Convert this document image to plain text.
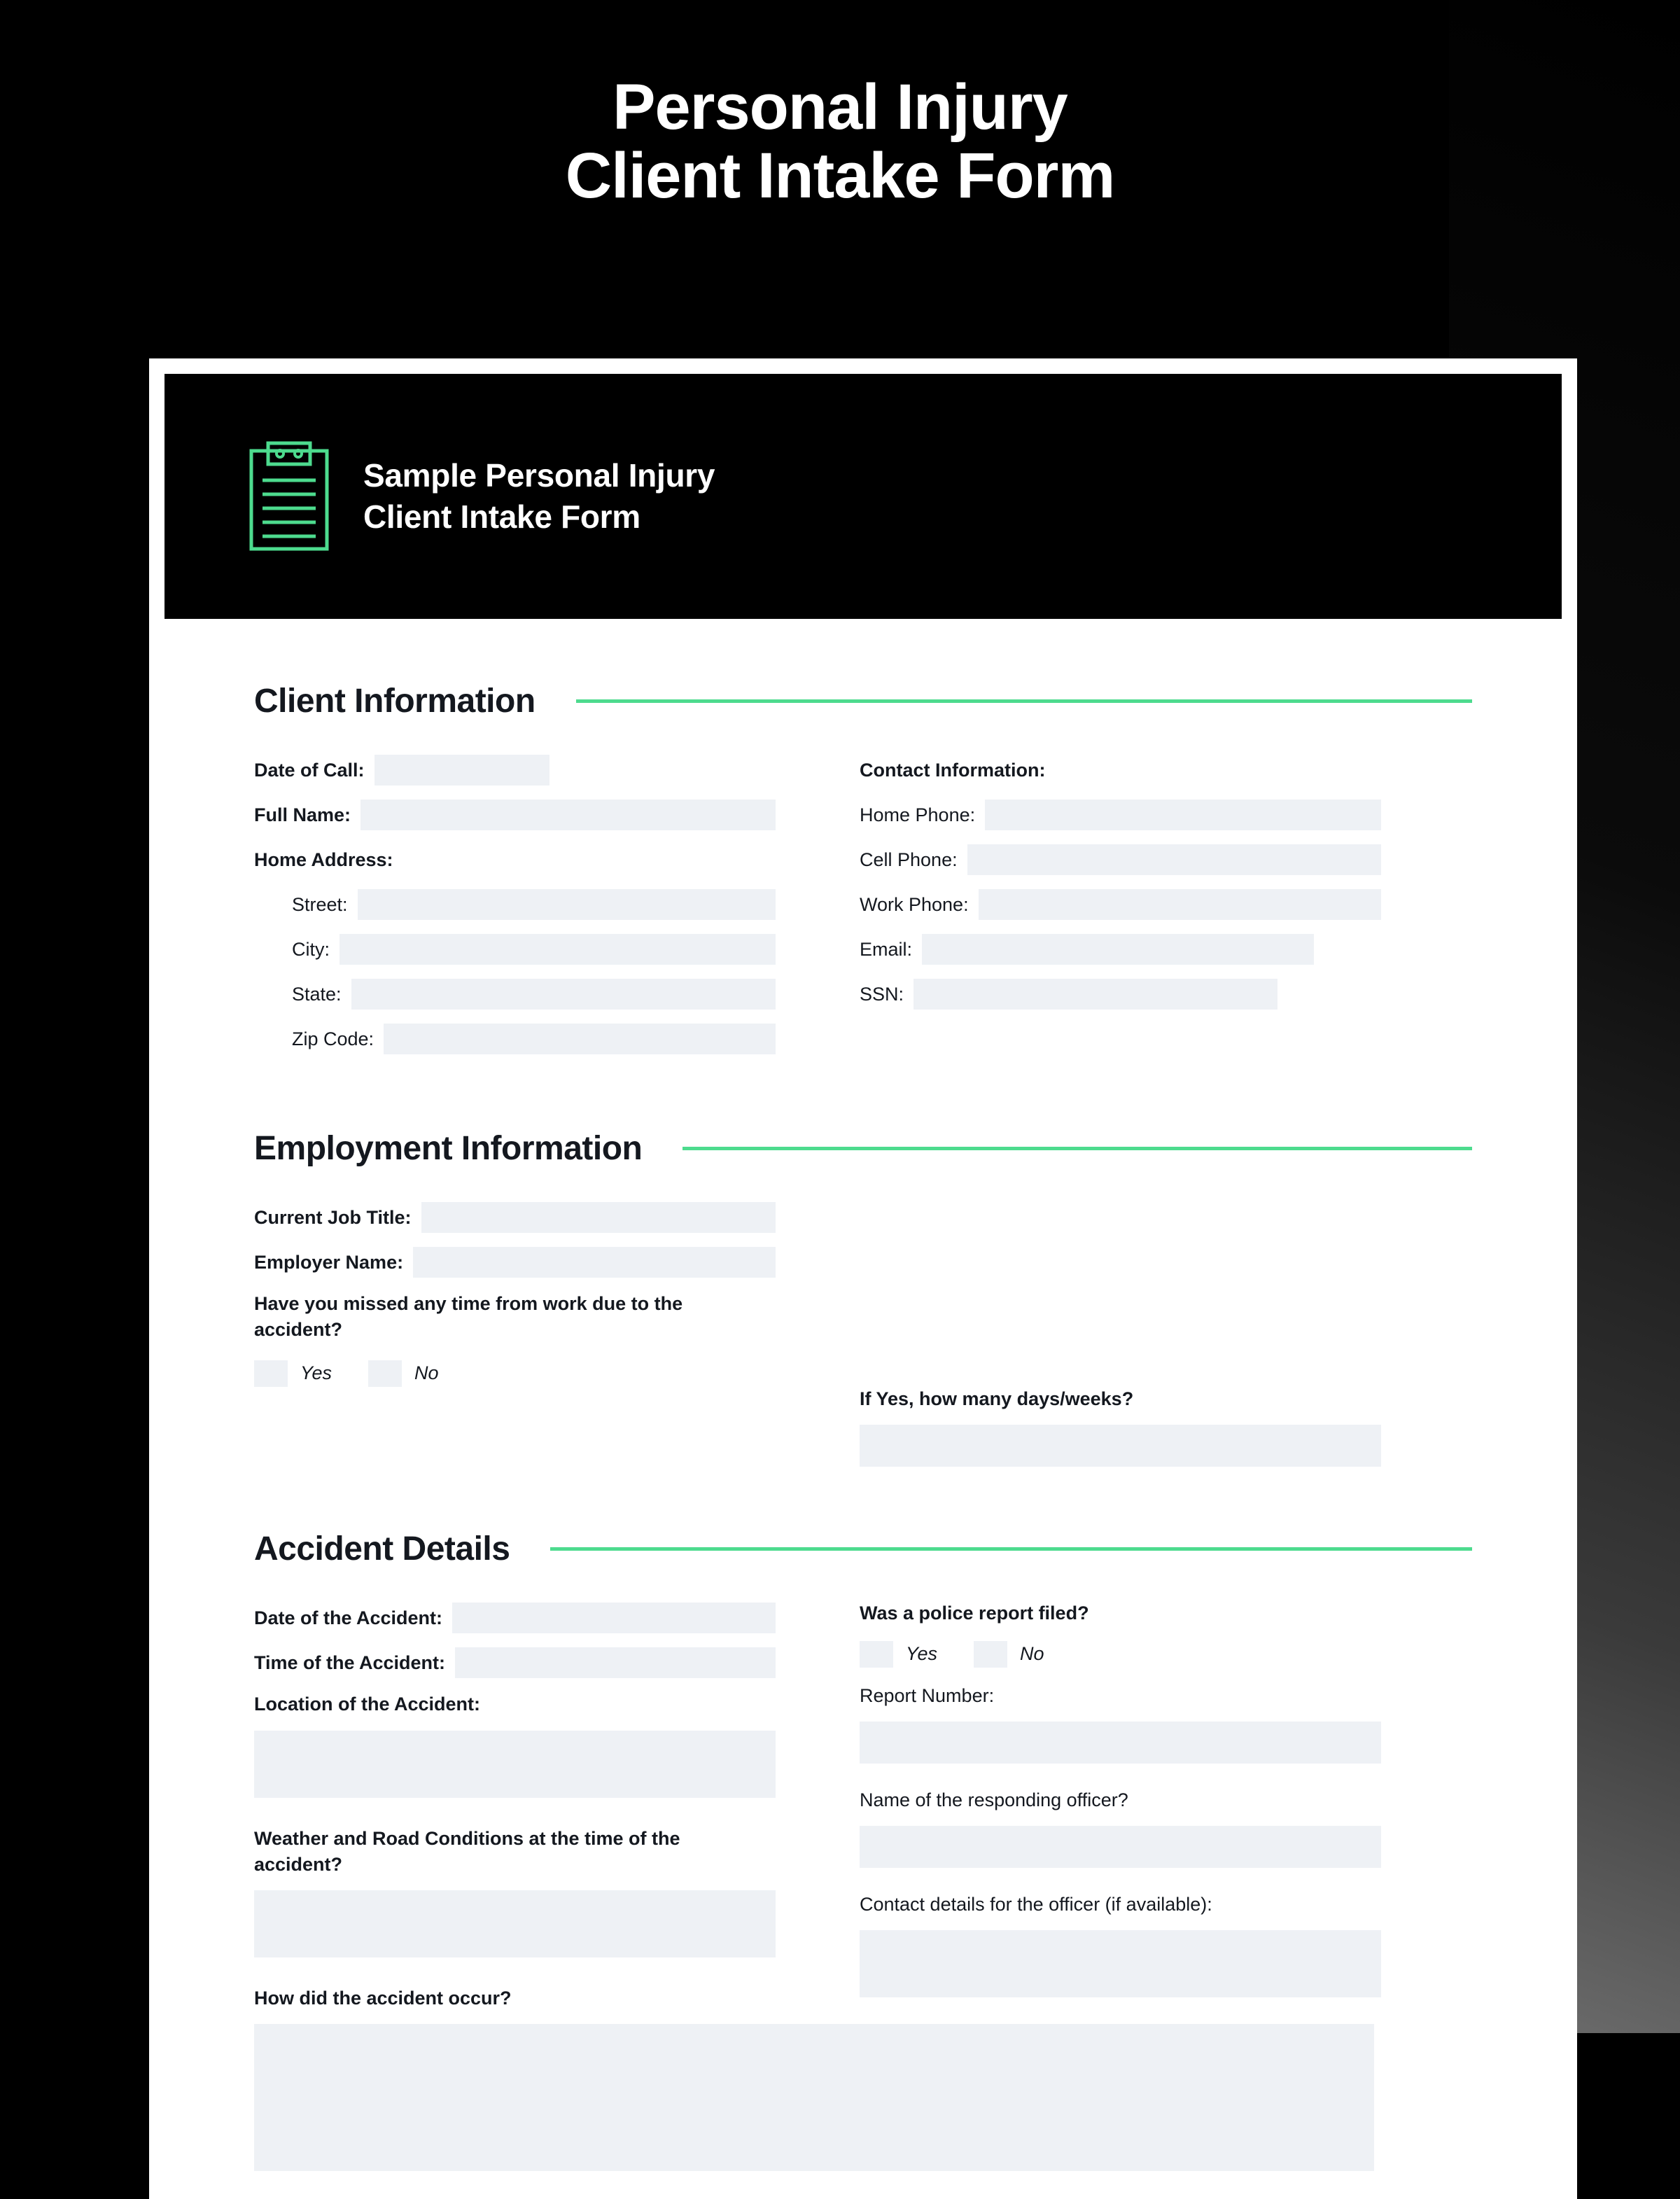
Personal Injury
Client Intake Form
Sample Personal Injury
Client Intake Form
Client Information
Date of Call:
Full Name:
Home Address:
Street:
City:
State:
Zip Code:
Contact Information:
Home Phone:
Cell Phone:
Work Phone:
Email:
SSN:
Employment Information
Current Job Title:
Employer Name:
Have you missed any time from work due to the accident?
Yes	No
If Yes, how many days/weeks?
Accident Details
Date of the Accident:
Time of the Accident:
Location of the Accident:
Weather and Road Conditions at the time of the accident?
How did the accident occur?
Was a police report filed?
Yes	No
Report Number:
Name of the responding officer?
Contact details for the officer (if available):
